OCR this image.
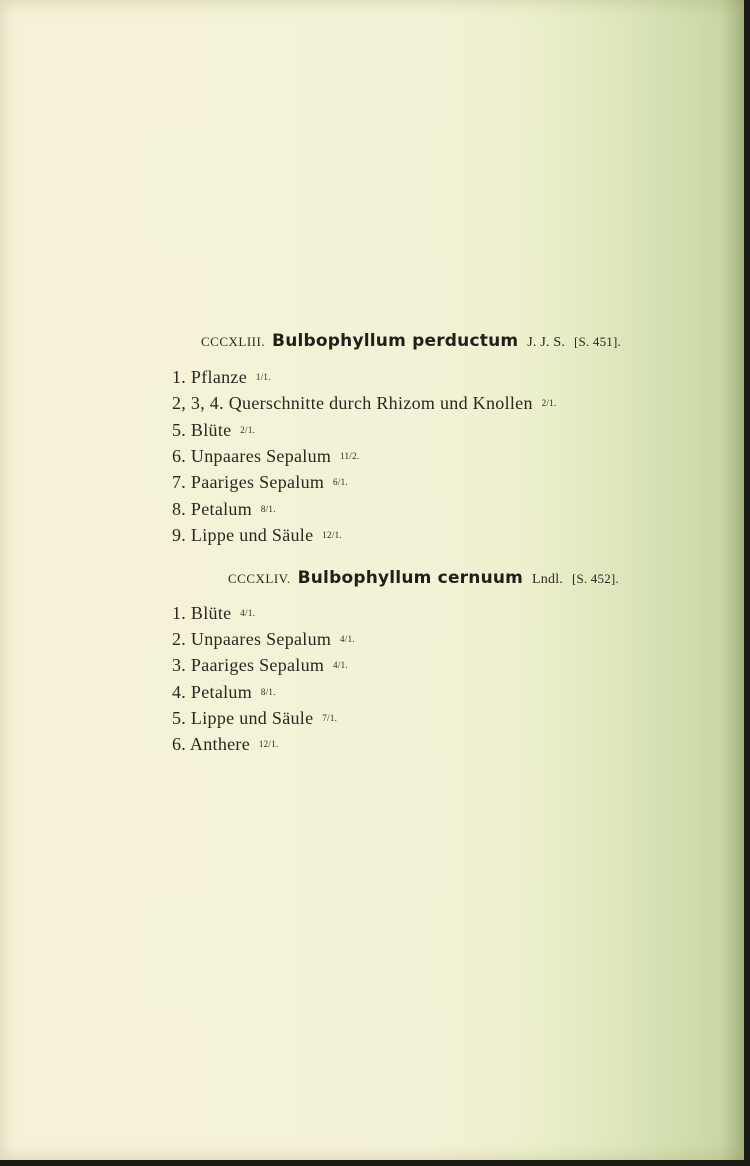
CCCXLIII. Bulbophyllum perductum J. J. S. [S. 451].
1. Pflanze 1/1.
2, 3, 4. Querschnitte durch Rhizom und Knollen 2/1.
5. Blüte 2/1.
6. Unpaares Sepalum 11/2.
7. Paariges Sepalum 6/1.
8. Petalum 8/1.
9. Lippe und Säule 12/1.
CCCXLIV. Bulbophyllum cernuum Lndl. [S. 452].
1. Blüte 4/1.
2. Unpaares Sepalum 4/1.
3. Paariges Sepalum 4/1.
4. Petalum 8/1.
5. Lippe und Säule 7/1.
6. Anthere 12/1.
